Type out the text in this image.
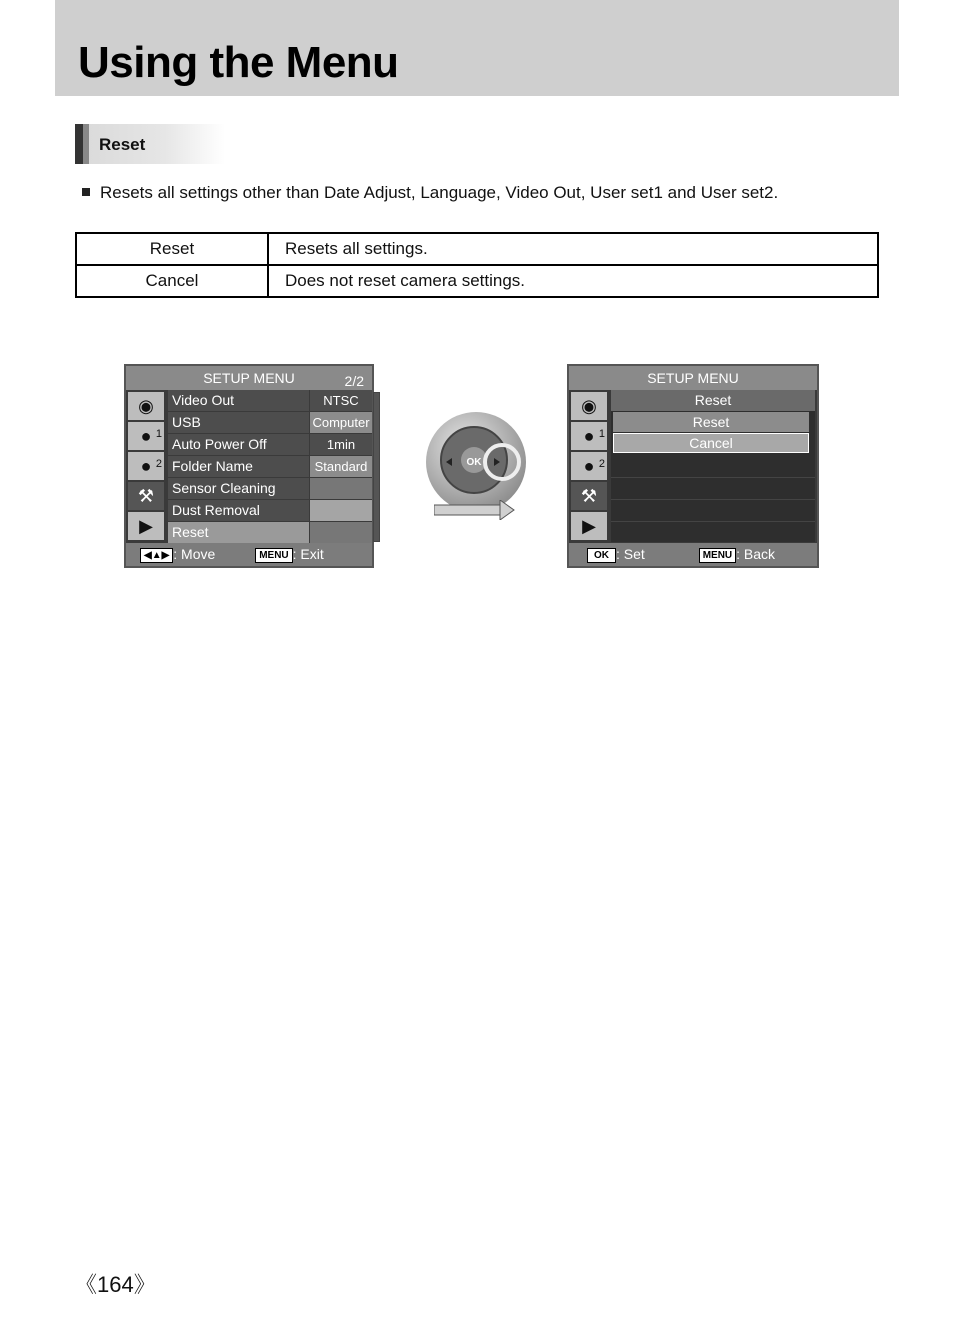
Using the Menu
Reset
Resets all settings other than Date Adjust, Language, Video Out, User set1 and User set2.
Reset	Resets all settings.
Cancel	Does not reset camera settings.
SETUP MENU	2/2
◉
● 1
● 2
⚒
▶
Video Out	NTSC
USB	Computer
Auto Power Off	1min
Folder Name	Standard
Sensor Cleaning
Dust Removal
Reset
◀▲▶ : Move	MENU : Exit
OK
SETUP MENU
◉
● 1
● 2
⚒
▶
Reset
Reset
Cancel
OK : Set	MENU : Back
《164》
